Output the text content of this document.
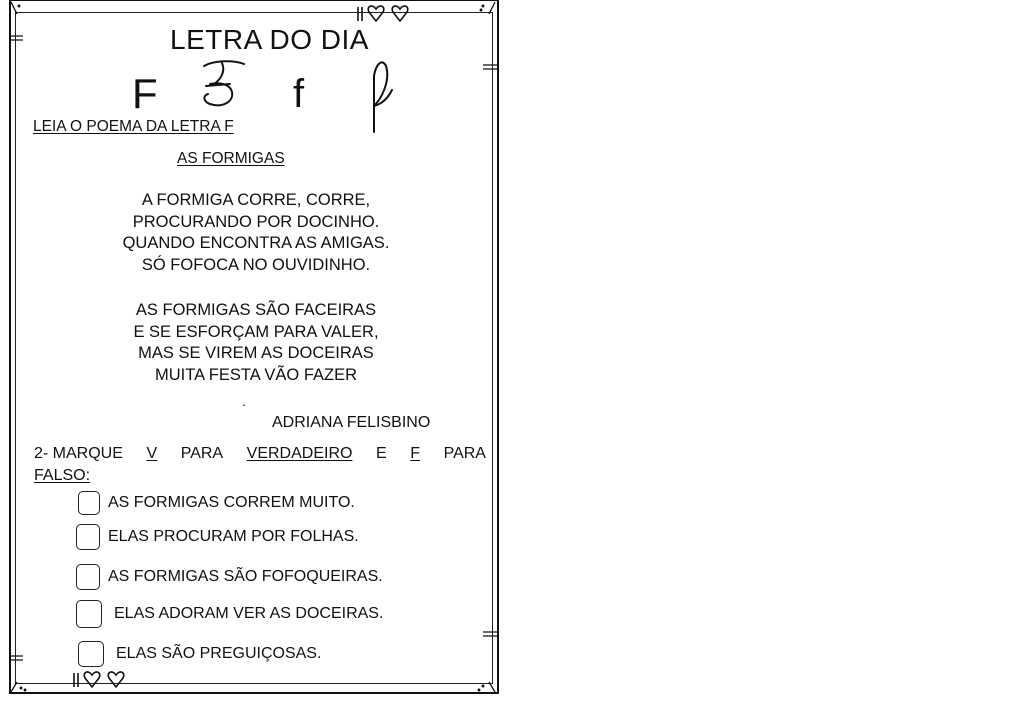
LETRA DO DIA
F	f
LEIA O POEMA DA LETRA F
AS FORMIGAS
A FORMIGA CORRE, CORRE,
PROCURANDO POR DOCINHO.
QUANDO ENCONTRA AS AMIGAS.
SÓ FOFOCA NO OUVIDINHO.
AS FORMIGAS SÃO FACEIRAS
E SE ESFORÇAM PARA VALER,
MAS SE VIREM AS DOCEIRAS
MUITA FESTA VÃO FAZER
.
ADRIANA FELISBINO
2- MARQUE V PARA VERDADEIRO E F PARA
FALSO:
AS FORMIGAS CORREM MUITO.
ELAS PROCURAM POR FOLHAS.
AS FORMIGAS SÃO FOFOQUEIRAS.
ELAS ADORAM VER AS DOCEIRAS.
ELAS SÃO PREGUIÇOSAS.
